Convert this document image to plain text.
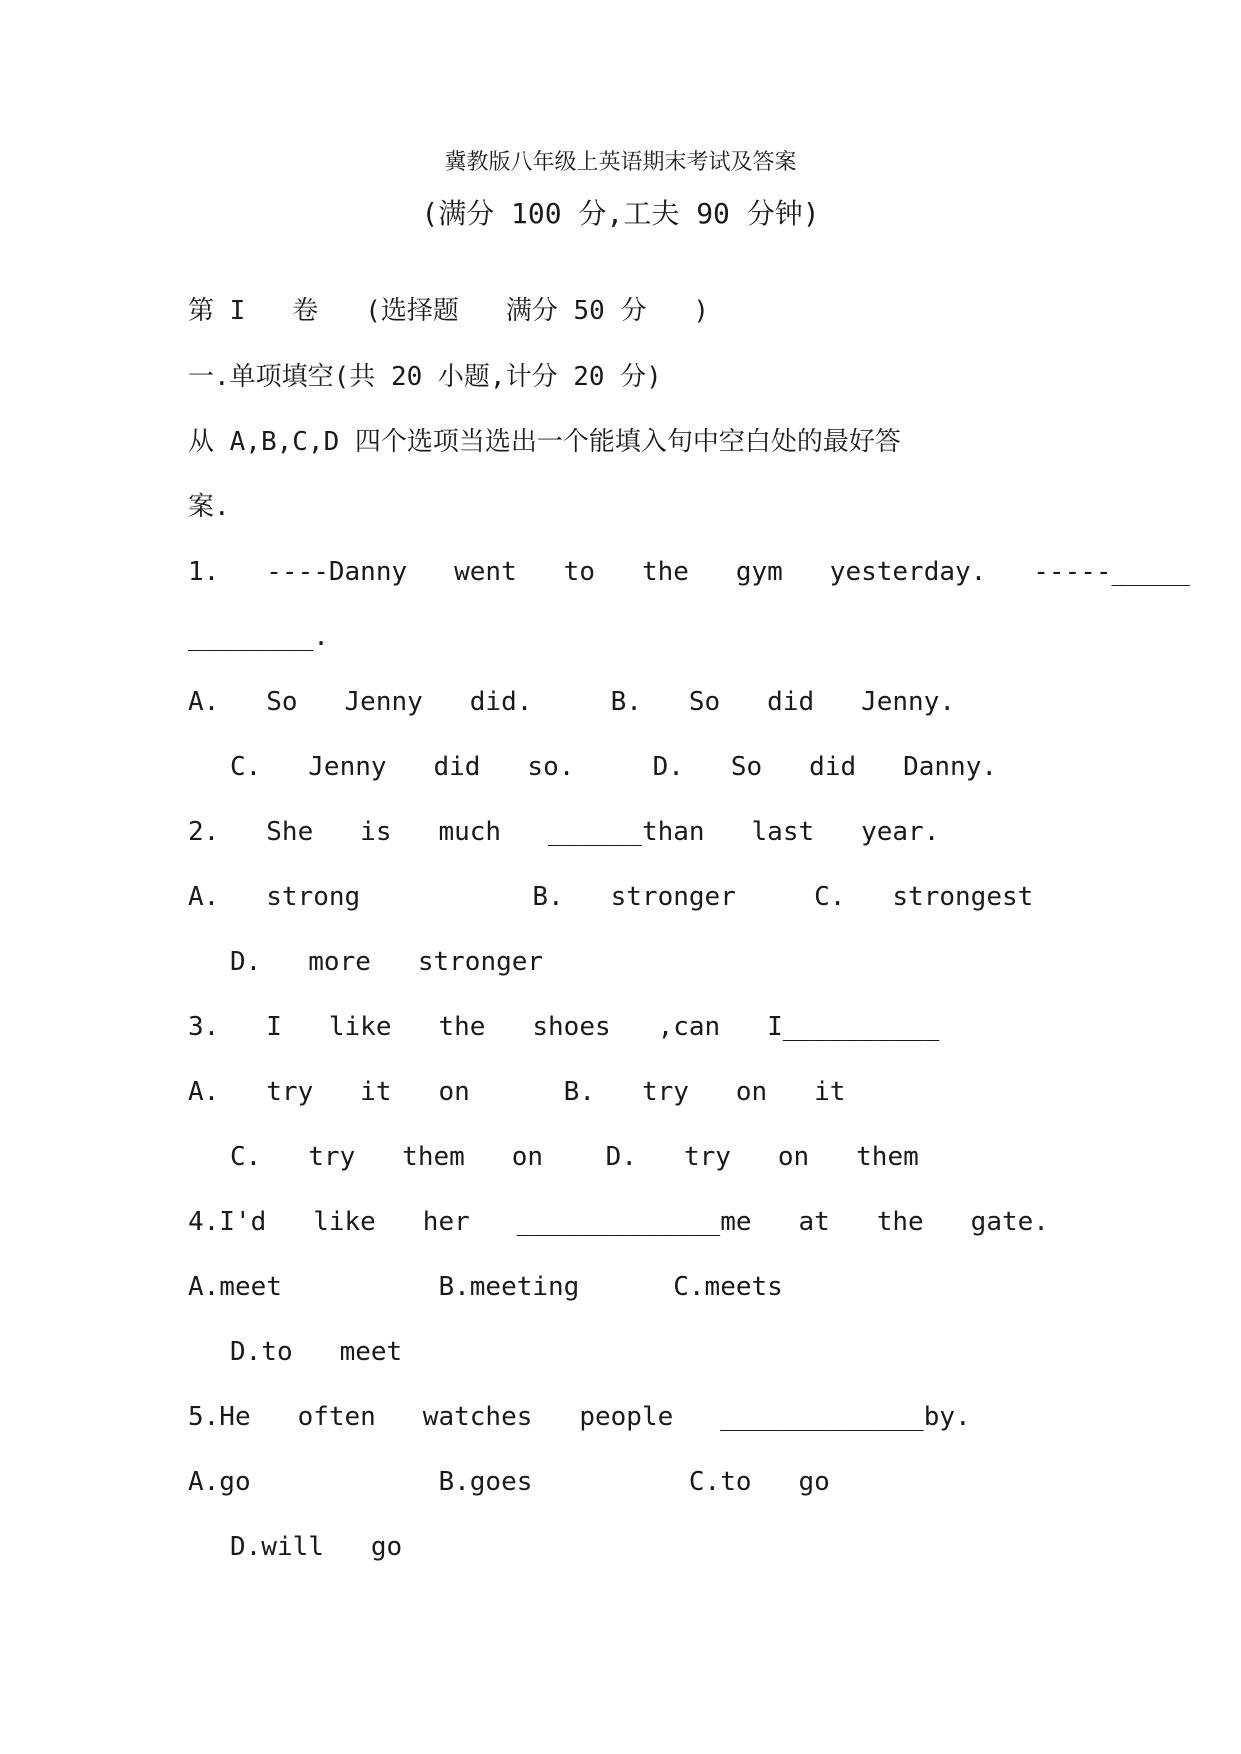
冀教版八年级上英语期末考试及答案
(满分 100 分,工夫 90 分钟)
第 I   卷   (选择题   满分 50 分   )
一.单项填空(共 20 小题,计分 20 分)
从 A,B,C,D 四个选项当选出一个能填入句中空白处的最好答
案.
1.   ----Danny   went   to   the   gym   yesterday.   -----_____
________.
A.   So   Jenny   did.     B.   So   did   Jenny.
C.   Jenny   did   so.     D.   So   did   Danny.
2.   She   is   much   ______than   last   year.
A.   strong           B.   stronger     C.   strongest
D.   more   stronger
3.   I   like   the   shoes   ,can   I__________
A.   try   it   on      B.   try   on   it
C.   try   them   on    D.   try   on   them
4.I'd   like   her   _____________me   at   the   gate.
A.meet          B.meeting      C.meets
D.to   meet
5.He   often   watches   people   _____________by.
A.go            B.goes          C.to   go
D.will   go
